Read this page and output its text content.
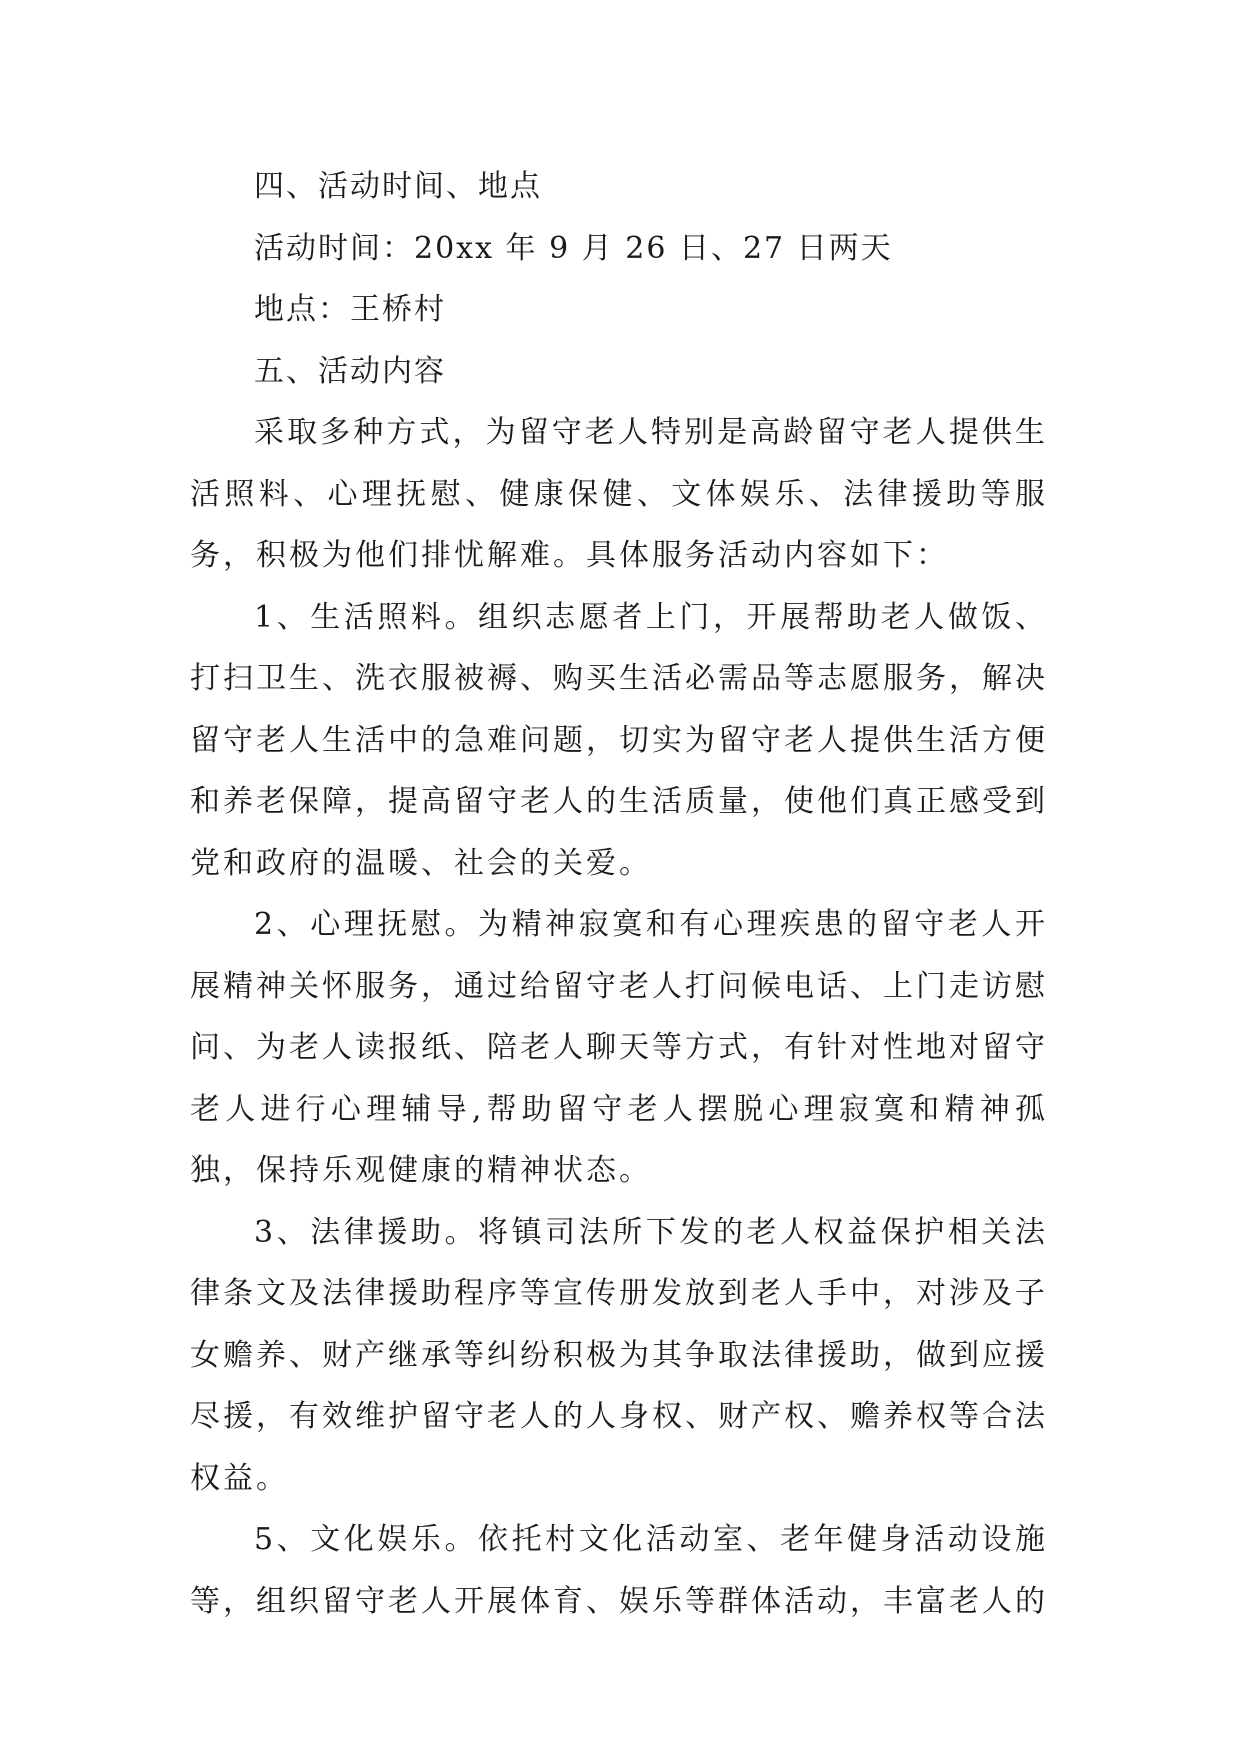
四、活动时间、地点
活动时间：20xx 年 9 月 26 日、27 日两天
地点：王桥村
五、活动内容

采取多种方式，为留守老人特别是高龄留守老人提供生活照料、心理抚慰、健康保健、文体娱乐、法律援助等服务，积极为他们排忧解难。具体服务活动内容如下：

1、生活照料。组织志愿者上门，开展帮助老人做饭、打扫卫生、洗衣服被褥、购买生活必需品等志愿服务，解决留守老人生活中的急难问题，切实为留守老人提供生活方便和养老保障，提高留守老人的生活质量，使他们真正感受到党和政府的温暖、社会的关爱。

2、心理抚慰。为精神寂寞和有心理疾患的留守老人开展精神关怀服务，通过给留守老人打问候电话、上门走访慰问、为老人读报纸、陪老人聊天等方式，有针对性地对留守老人进行心理辅导,帮助留守老人摆脱心理寂寞和精神孤独，保持乐观健康的精神状态。

3、法律援助。将镇司法所下发的老人权益保护相关法律条文及法律援助程序等宣传册发放到老人手中，对涉及子女赡养、财产继承等纠纷积极为其争取法律援助，做到应援尽援，有效维护留守老人的人身权、财产权、赡养权等合法权益。

5、文化娱乐。依托村文化活动室、老年健身活动设施等，组织留守老人开展体育、娱乐等群体活动，丰富老人的
